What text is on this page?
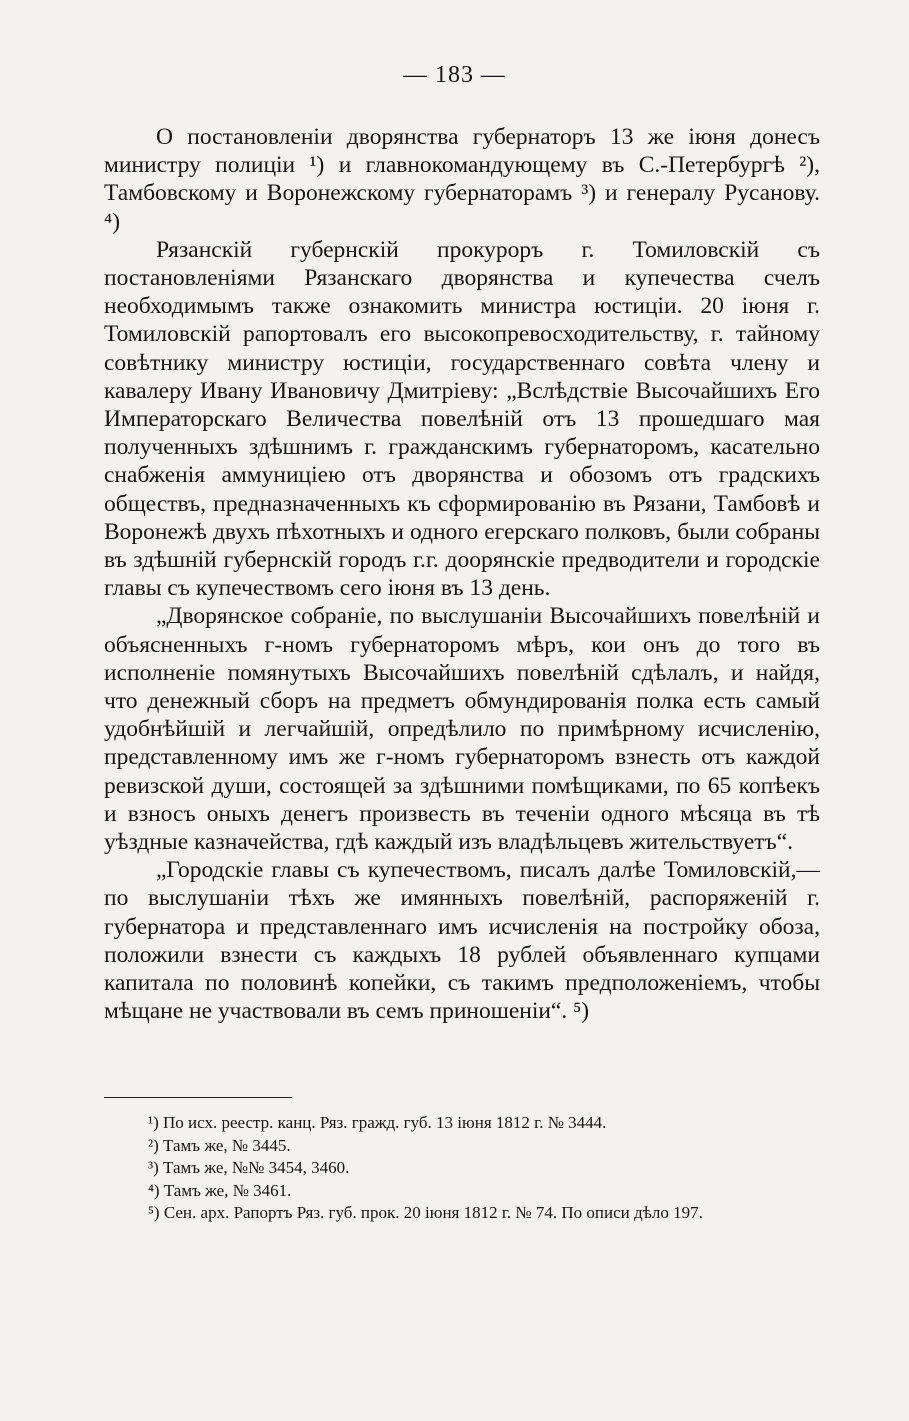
— 183 —

О постановленіи дворянства губернаторъ 13 же іюня донесъ министру полиціи ¹) и главнокомандующему въ С.-Петербургѣ ²), Тамбовскому и Воронежскому губернаторамъ ³) и генералу Русанову. ⁴)

Рязанскій губернскій прокуроръ г. Томиловскій съ постановленіями Рязанскаго дворянства и купечества счелъ необходимымъ также ознакомить министра юстиціи. 20 іюня г. Томиловскій рапортовалъ его высокопревосходительству, г. тайному совѣтнику министру юстиціи, государственнаго совѣта члену и кавалеру Ивану Ивановичу Дмитріеву: „Вслѣдствіе Высочайшихъ Его Императорскаго Величества повелѣній отъ 13 прошедшаго мая полученныхъ здѣшнимъ г. гражданскимъ губернаторомъ, касательно снабженія аммуниціею отъ дворянства и обозомъ отъ градскихъ обществъ, предназначенныхъ къ сформированію въ Рязани, Тамбовѣ и Воронежѣ двухъ пѣхотныхъ и одного егерскаго полковъ, были собраны въ здѣшній губернскій городъ г.г. доорянскіе предводители и городскіе главы съ купечествомъ сего іюня въ 13 день.

„Дворянское собраніе, по выслушаніи Высочайшихъ повелѣній и объясненныхъ г-номъ губернаторомъ мѣръ, кои онъ до того въ исполненіе помянутыхъ Высочайшихъ повелѣній сдѣлалъ, и найдя, что денежный сборъ на предметъ обмундированія полка есть самый удобнѣйшій и легчайшій, опредѣлило по примѣрному исчисленію, представленному имъ же г-номъ губернаторомъ взнесть отъ каждой ревизской души, состоящей за здѣшними помѣщиками, по 65 копѣекъ и взносъ оныхъ денегъ произвесть въ теченіи одного мѣсяца въ тѣ уѣздные казначейства, гдѣ каждый изъ владѣльцевъ жительствуетъ“.

„Городскіе главы съ купечествомъ, писалъ далѣе Томиловскій,—по выслушаніи тѣхъ же имянныхъ повелѣній, распоряженій г. губернатора и представленнаго имъ исчисленія на постройку обоза, положили взнести съ каждыхъ 18 рублей объявленнаго купцами капитала по половинѣ копейки, съ такимъ предположеніемъ, чтобы мѣщане не участвовали въ семъ приношеніи“. ⁵)

¹) По исх. реестр. канц. Ряз. гражд. губ. 13 іюня 1812 г. № 3444.

²) Тамъ же, № 3445.

³) Тамъ же, №№ 3454, 3460.

⁴) Тамъ же, № 3461.

⁵) Сен. арх. Рапортъ Ряз. губ. прок. 20 іюня 1812 г. № 74. По описи дѣло 197.
